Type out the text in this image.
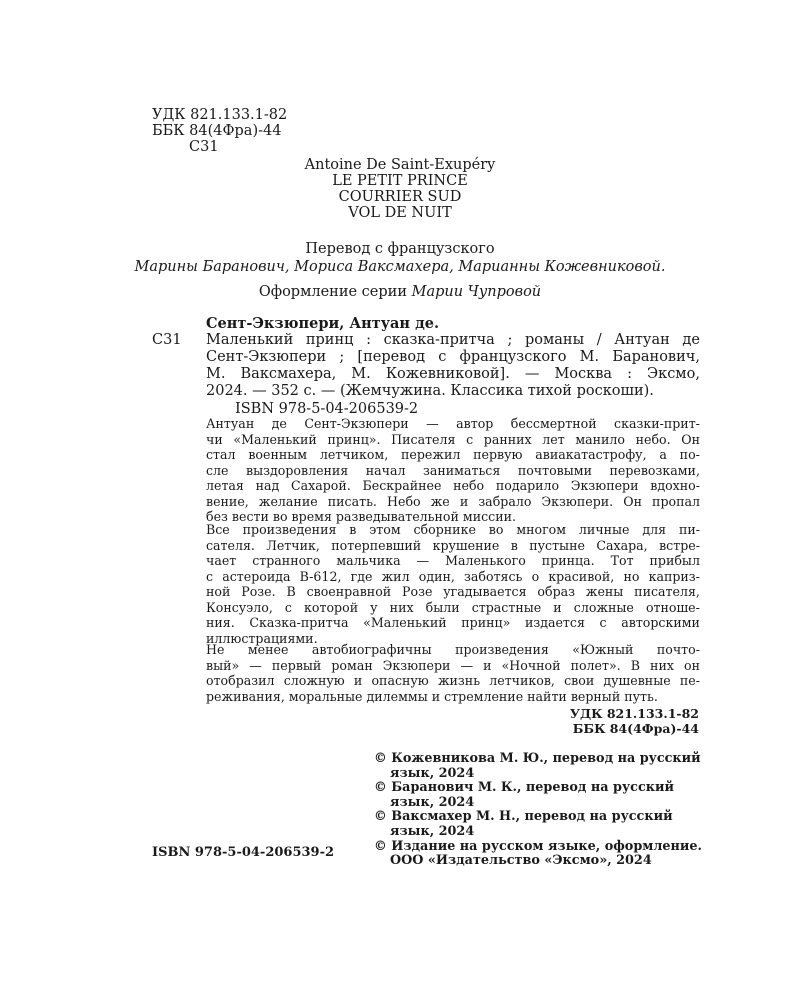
УДК 821.133.1-82
ББК 84(4Фра)-44
С31
Antoine De Saint-Exupéry
LE PETIT PRINCE
COURRIER SUD
VOL DE NUIT
Перевод с французского
Марины Баранович, Мориса Ваксмахера, Марианны Кожевниковой.
Оформление серии Марии Чупровой
Сент-Экзюпери, Антуан де.
С31 Маленький принц : сказка-притча ; романы / Антуан де
Сент-Экзюпери ; [перевод с французского М. Баранович,
М. Ваксмахера, М. Кожевниковой]. — Москва : Эксмо,
2024. — 352 с. — (Жемчужина. Классика тихой роскоши).
ISBN 978-5-04-206539-2
Антуан де Сент-Экзюпери — автор бессмертной сказки-прит-
чи «Маленький принц». Писателя с ранних лет манило небо. Он
стал военным летчиком, пережил первую авиакатастрофу, а по-
сле выздоровления начал заниматься почтовыми перевозками,
летая над Сахарой. Бескрайнее небо подарило Экзюпери вдохно-
вение, желание писать. Небо же и забрало Экзюпери. Он пропал
без вести во время разведывательной миссии.
Все произведения в этом сборнике во многом личные для пи-
сателя. Летчик, потерпевший крушение в пустыне Сахара, встре-
чает странного мальчика — Маленького принца. Тот прибыл
с астероида B-612, где жил один, заботясь о красивой, но каприз-
ной Розе. В своенравной Розе угадывается образ жены писателя,
Консуэло, с которой у них были страстные и сложные отноше-
ния. Сказка-притча «Маленький принц» издается с авторскими
иллюстрациями.
Не менее автобиографичны произведения «Южный почто-
вый» — первый роман Экзюпери — и «Ночной полет». В них он
отобразил сложную и опасную жизнь летчиков, свои душевные пе-
реживания, моральные дилеммы и стремление найти верный путь.
УДК 821.133.1-82
ББК 84(4Фра)-44
© Кожевникова М. Ю., перевод на русский
язык, 2024
© Баранович М. К., перевод на русский
язык, 2024
© Ваксмахер М. Н., перевод на русский
язык, 2024
© Издание на русском языке, оформление.
ООО «Издательство «Эксмо», 2024
ISBN 978-5-04-206539-2
